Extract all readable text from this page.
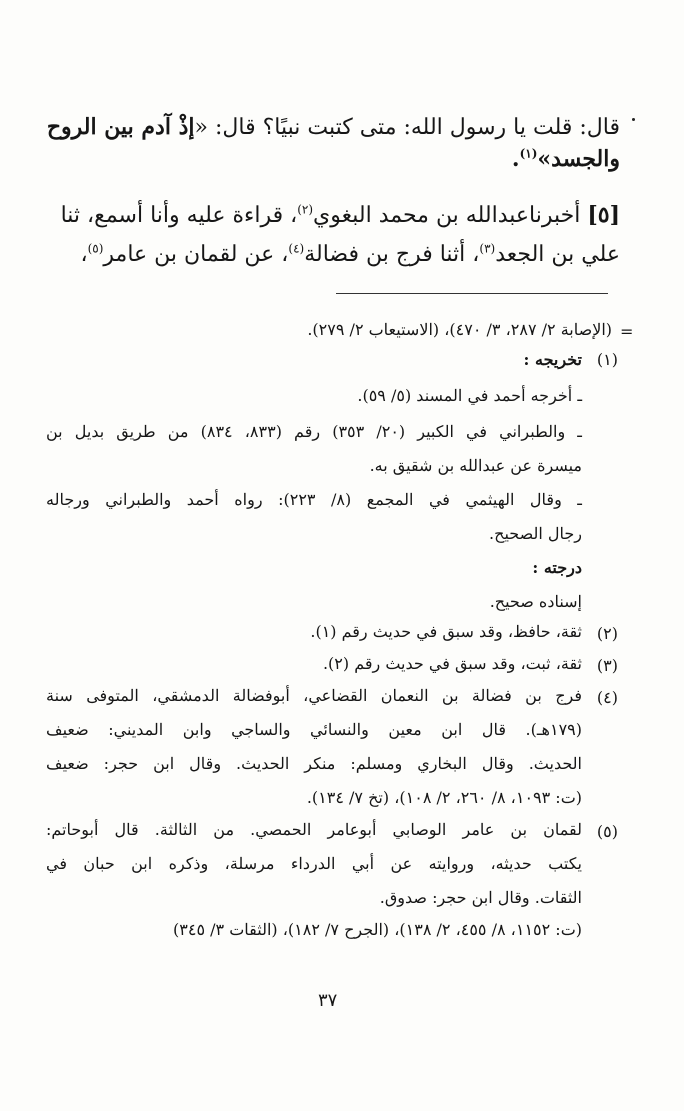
قال: قلت يا رسول الله: متى كتبت نبيًا؟ قال: «إذْ آدم بين الروح
والجسد»$^{(١)}$.
[٥] أخبرناعبدالله بن محمد البغوي$^{(٢)}$، قراءة عليه وأنا أسمع، ثنا
علي بن الجعد$^{(٣)}$، أثنا فرج بن فضالة$^{(٤)}$، عن لقمان بن عامر$^{(٥)}$،
=
(الإصابة ٢/ ٢٨٧، ٣/ ٤٧٠)، (الاستيعاب ٢/ ٢٧٩).
(١)
تخريجه :
ـ أخرجه أحمد في المسند (٥/ ٥٩).
ـ والطبراني في الكبير (٢٠/ ٣٥٣) رقم (٨٣٣، ٨٣٤) من طريق بديل بن
ميسرة عن عبدالله بن شقيق به.
ـ وقال الهيثمي في المجمع (٨/ ٢٢٣): رواه أحمد والطبراني ورجاله
رجال الصحيح.
درجته :
إسناده صحيح.
(٢)
ثقة، حافظ، وقد سبق في حديث رقم (١).
(٣)
ثقة، ثبت، وقد سبق في حديث رقم (٢).
(٤)
فرج بن فضالة بن النعمان القضاعي، أبوفضالة الدمشقي، المتوفى سنة
(١٧٩هـ). قال ابن معين والنسائي والساجي وابن المديني: ضعيف
الحديث. وقال البخاري ومسلم: منكر الحديث. وقال ابن حجر: ضعيف
(ت: ١٠٩٣، ٨/ ٢٦٠، ٢/ ١٠٨)، (تخ ٧/ ١٣٤).
(٥)
لقمان بن عامر الوصابي أبوعامر الحمصي. من الثالثة. قال أبوحاتم:
يكتب حديثه، وروايته عن أبي الدرداء مرسلة، وذكره ابن حبان في
الثقات. وقال ابن حجر: صدوق.
(ت: ١١٥٢، ٨/ ٤٥٥، ٢/ ١٣٨)، (الجرح ٧/ ١٨٢)، (الثقات ٣/ ٣٤٥)
٣٧
